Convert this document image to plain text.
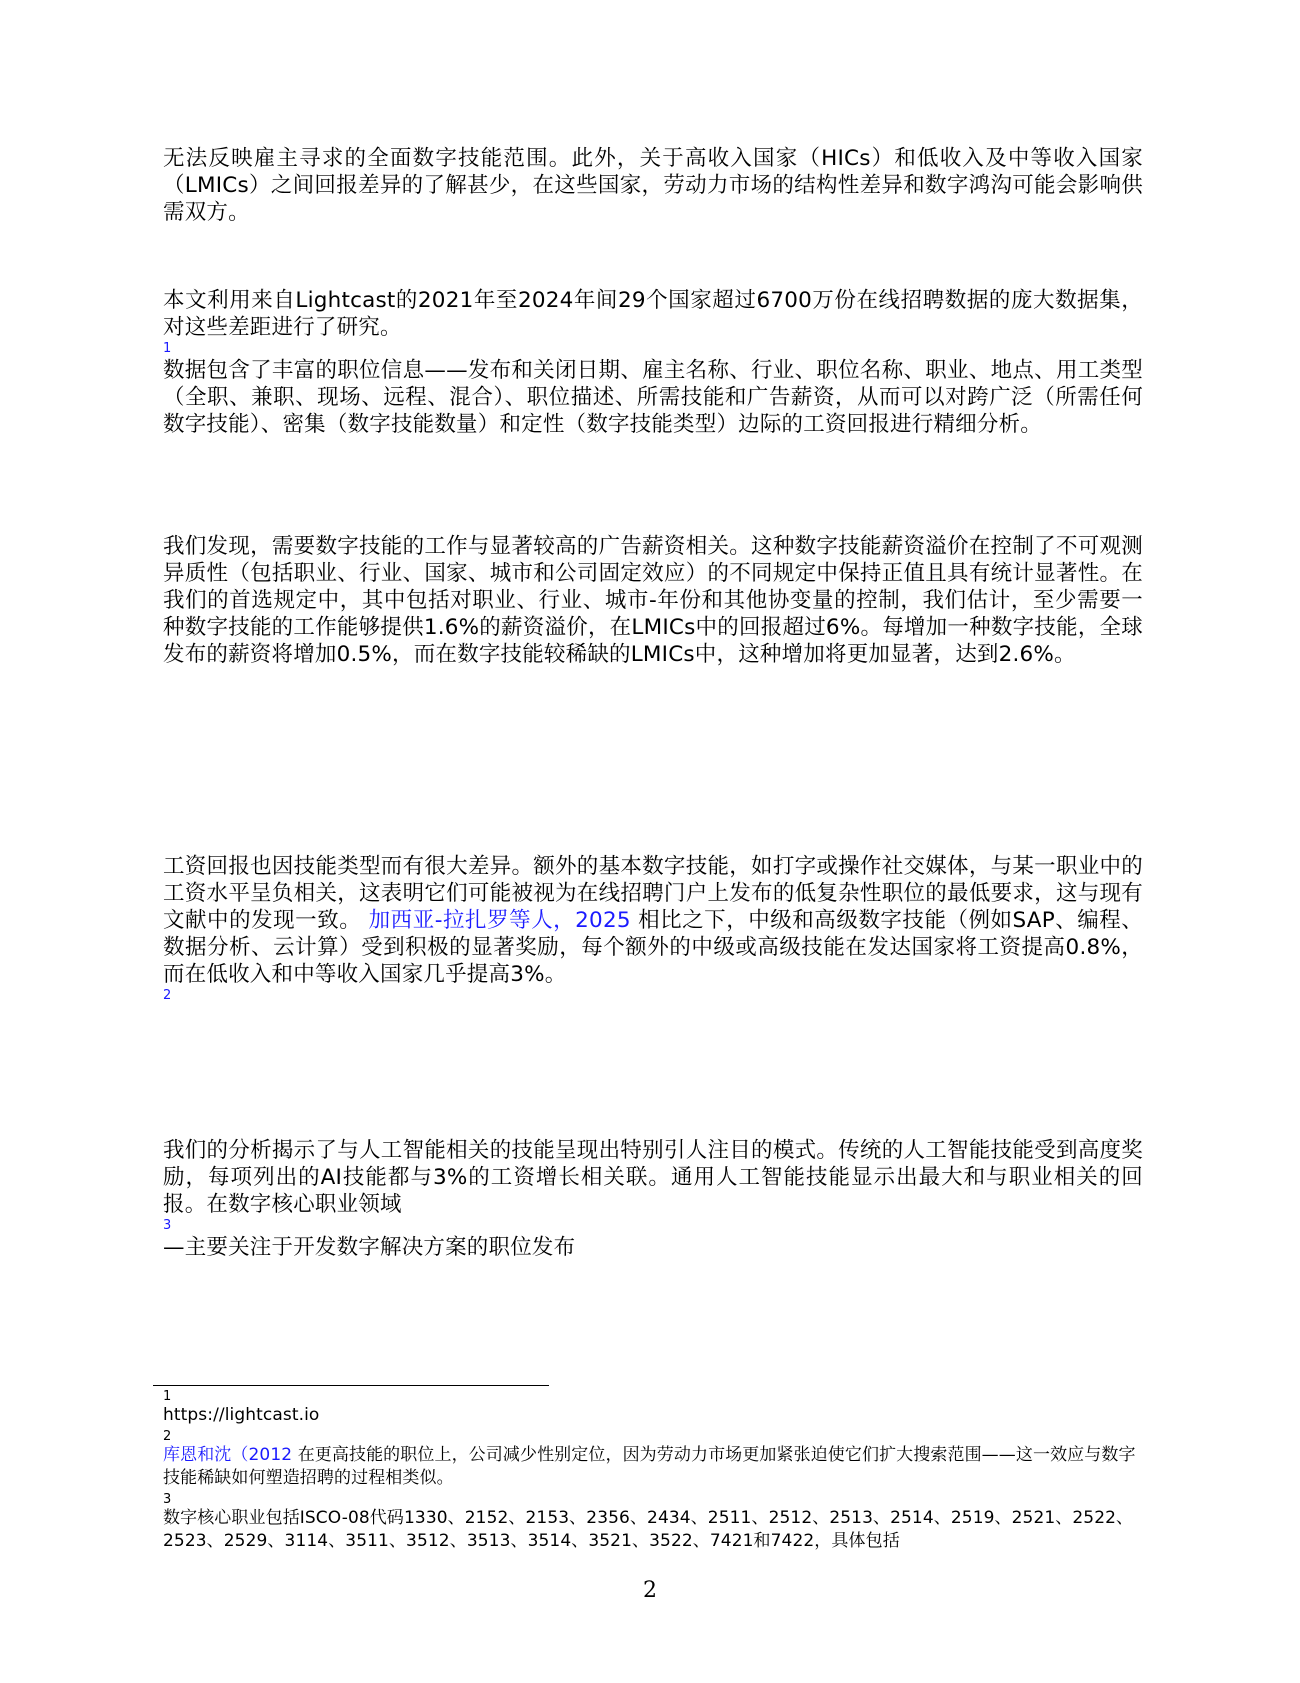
无法反映雇主寻求的全面数字技能范围。此外，关于高收入国家（HICs）和低收入及中等收入国家（LMICs）之间回报差异的了解甚少，在这些国家，劳动力市场的结构性差异和数字鸿沟可能会影响供需双方。

本文利用来自Lightcast的2021年至2024年间29个国家超过6700万份在线招聘数据的庞大数据集，对这些差距进行了研究。

1

数据包含了丰富的职位信息——发布和关闭日期、雇主名称、行业、职位名称、职业、地点、用工类型（全职、兼职、现场、远程、混合）、职位描述、所需技能和广告薪资，从而可以对跨广泛（所需任何数字技能）、密集（数字技能数量）和定性（数字技能类型）边际的工资回报进行精细分析。

我们发现，需要数字技能的工作与显著较高的广告薪资相关。这种数字技能薪资溢价在控制了不可观测异质性（包括职业、行业、国家、城市和公司固定效应）的不同规定中保持正值且具有统计显著性。在我们的首选规定中，其中包括对职业、行业、城市-年份和其他协变量的控制，我们估计，至少需要一种数字技能的工作能够提供1.6%的薪资溢价，在LMICs中的回报超过6%。每增加一种数字技能，全球发布的薪资将增加0.5%，而在数字技能较稀缺的LMICs中，这种增加将更加显著，达到2.6%。

工资回报也因技能类型而有很大差异。额外的基本数字技能，如打字或操作社交媒体，与某一职业中的工资水平呈负相关，这表明它们可能被视为在线招聘门户上发布的低复杂性职位的最低要求，这与现有文献中的发现一致。 加西亚-拉扎罗等人，2025 相比之下，中级和高级数字技能（例如SAP、编程、数据分析、云计算）受到积极的显著奖励，每个额外的中级或高级技能在发达国家将工资提高0.8%，而在低收入和中等收入国家几乎提高3%。

2

我们的分析揭示了与人工智能相关的技能呈现出特别引人注目的模式。传统的人工智能技能受到高度奖励，每项列出的AI技能都与3%的工资增长相关联。通用人工智能技能显示出最大和与职业相关的回报。在数字核心职业领域

3

—主要关注于开发数字解决方案的职位发布

1

https://lightcast.io

2

库恩和沈（2012 在更高技能的职位上，公司减少性别定位，因为劳动力市场更加紧张迫使它们扩大搜索范围——这一效应与数字技能稀缺如何塑造招聘的过程相类似。

3

数字核心职业包括ISCO-08代码1330、2152、2153、2356、2434、2511、2512、2513、2514、2519、2521、2522、2523、2529、3114、3511、3512、3513、3514、3521、3522、7421和7422，具体包括

2
